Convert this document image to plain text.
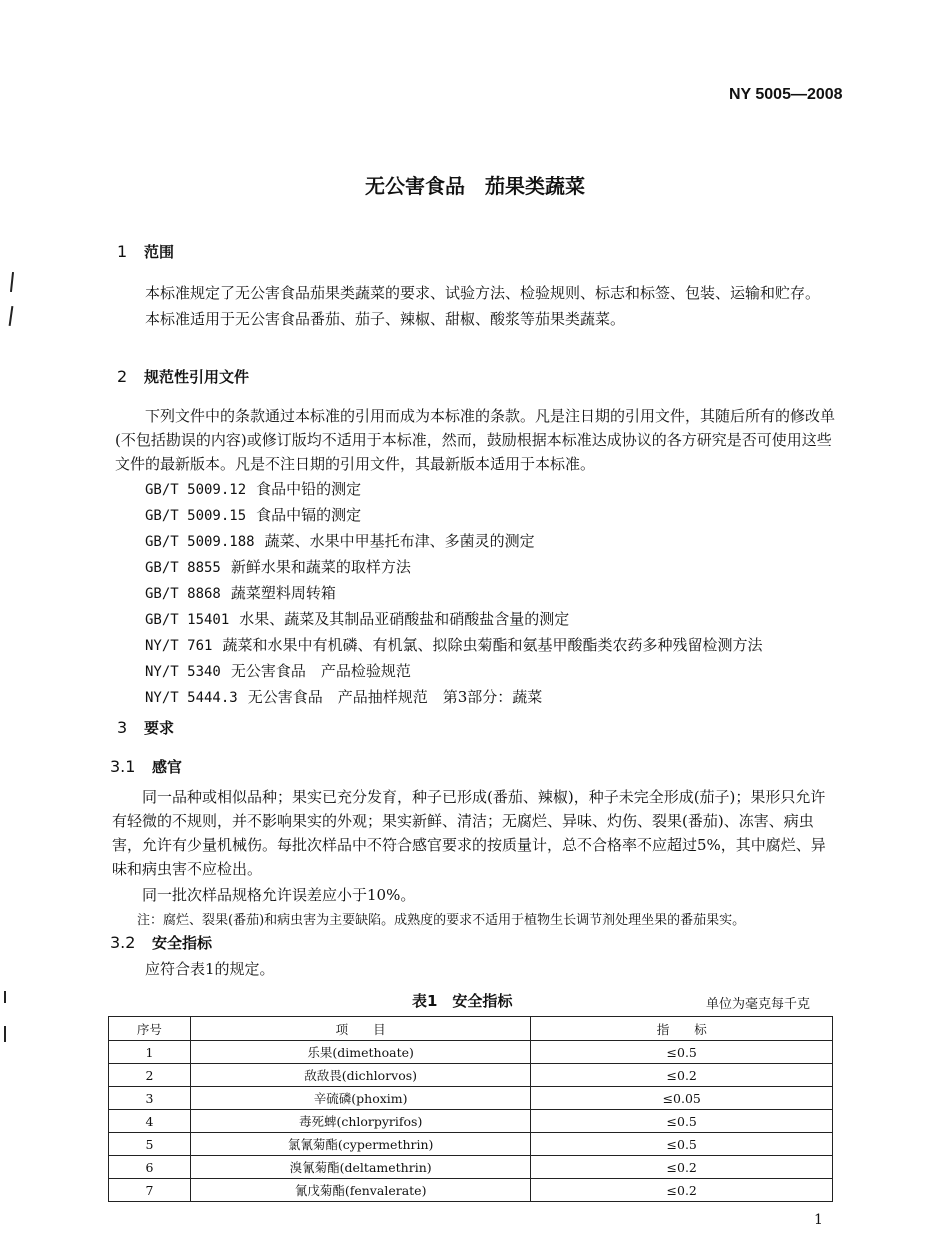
NY 5005—2008
无公害食品　茄果类蔬菜
1 范围

本标准规定了无公害食品茄果类蔬菜的要求、试验方法、检验规则、标志和标签、包装、运输和贮存。

本标准适用于无公害食品番茄、茄子、辣椒、甜椒、酸浆等茄果类蔬菜。

2 规范性引用文件

下列文件中的条款通过本标准的引用而成为本标准的条款。凡是注日期的引用文件，其随后所有的修改单(不包括勘误的内容)或修订版均不适用于本标准，然而，鼓励根据本标准达成协议的各方研究是否可使用这些文件的最新版本。凡是不注日期的引用文件，其最新版本适用于本标准。

GB/T 5009.12 食品中铅的测定
GB/T 5009.15 食品中镉的测定
GB/T 5009.188 蔬菜、水果中甲基托布津、多菌灵的测定
GB/T 8855 新鲜水果和蔬菜的取样方法
GB/T 8868 蔬菜塑料周转箱
GB/T 15401 水果、蔬菜及其制品亚硝酸盐和硝酸盐含量的测定
NY/T 761 蔬菜和水果中有机磷、有机氯、拟除虫菊酯和氨基甲酸酯类农药多种残留检测方法
NY/T 5340 无公害食品　产品检验规范
NY/T 5444.3 无公害食品　产品抽样规范　第3部分：蔬菜
3 要求
3.1 感官

同一品种或相似品种；果实已充分发育，种子已形成(番茄、辣椒)，种子未完全形成(茄子)；果形只允许有轻微的不规则，并不影响果实的外观；果实新鲜、清洁；无腐烂、异味、灼伤、裂果(番茄)、冻害、病虫害，允许有少量机械伤。每批次样品中不符合感官要求的按质量计，总不合格率不应超过5%，其中腐烂、异味和病虫害不应检出。

同一批次样品规格允许误差应小于10%。

注：腐烂、裂果(番茄)和病虫害为主要缺陷。成熟度的要求不适用于植物生长调节剂处理坐果的番茄果实。
3.2 安全指标
应符合表1的规定。
表1　安全指标	单位为毫克每千克
序号	项　　目	指　　标
1	乐果(dimethoate)	≤0.5
2	敌敌畏(dichlorvos)	≤0.2
3	辛硫磷(phoxim)	≤0.05
4	毒死蜱(chlorpyrifos)	≤0.5
5	氯氰菊酯(cypermethrin)	≤0.5
6	溴氰菊酯(deltamethrin)	≤0.2
7	氰戊菊酯(fenvalerate)	≤0.2
1
